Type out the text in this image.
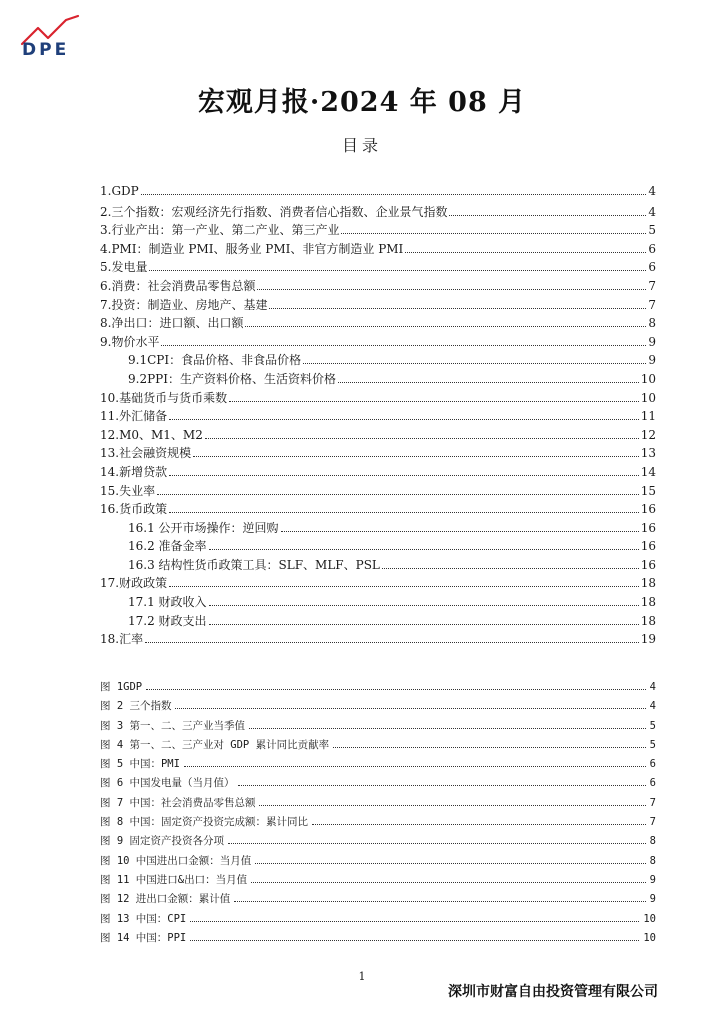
DPE
宏观月报·2024 年 08 月
目录
1.GDP	4
2.三个指数：宏观经济先行指数、消费者信心指数、企业景气指数	4
3.行业产出：第一产业、第二产业、第三产业	5
4.PMI：制造业 PMI、服务业 PMI、非官方制造业 PMI	6
5.发电量	6
6.消费：社会消费品零售总额	7
7.投资：制造业、房地产、基建	7
8.净出口：进口额、出口额	8
9.物价水平	9
9.1CPI：食品价格、非食品价格	9
9.2PPI：生产资料价格、生活资料价格	10
10.基础货币与货币乘数	10
11.外汇储备	11
12.M0、M1、M2	12
13.社会融资规模	13
14.新增贷款	14
15.失业率	15
16.货币政策	16
16.1 公开市场操作：逆回购	16
16.2 准备金率	16
16.3 结构性货币政策工具：SLF、MLF、PSL	16
17.财政政策	18
17.1 财政收入	18
17.2 财政支出	18
18.汇率	19
图 1GDP	4
图 2 三个指数	4
图 3 第一、二、三产业当季值	5
图 4 第一、二、三产业对 GDP 累计同比贡献率	5
图 5 中国：PMI	6
图 6 中国发电量（当月值）	6
图 7 中国：社会消费品零售总额	7
图 8 中国：固定资产投资完成额：累计同比	7
图 9 固定资产投资各分项	8
图 10 中国进出口金额：当月值	8
图 11 中国进口&出口：当月值	9
图 12 进出口金额：累计值	9
图 13 中国：CPI	10
图 14 中国：PPI	10
1
深圳市财富自由投资管理有限公司
